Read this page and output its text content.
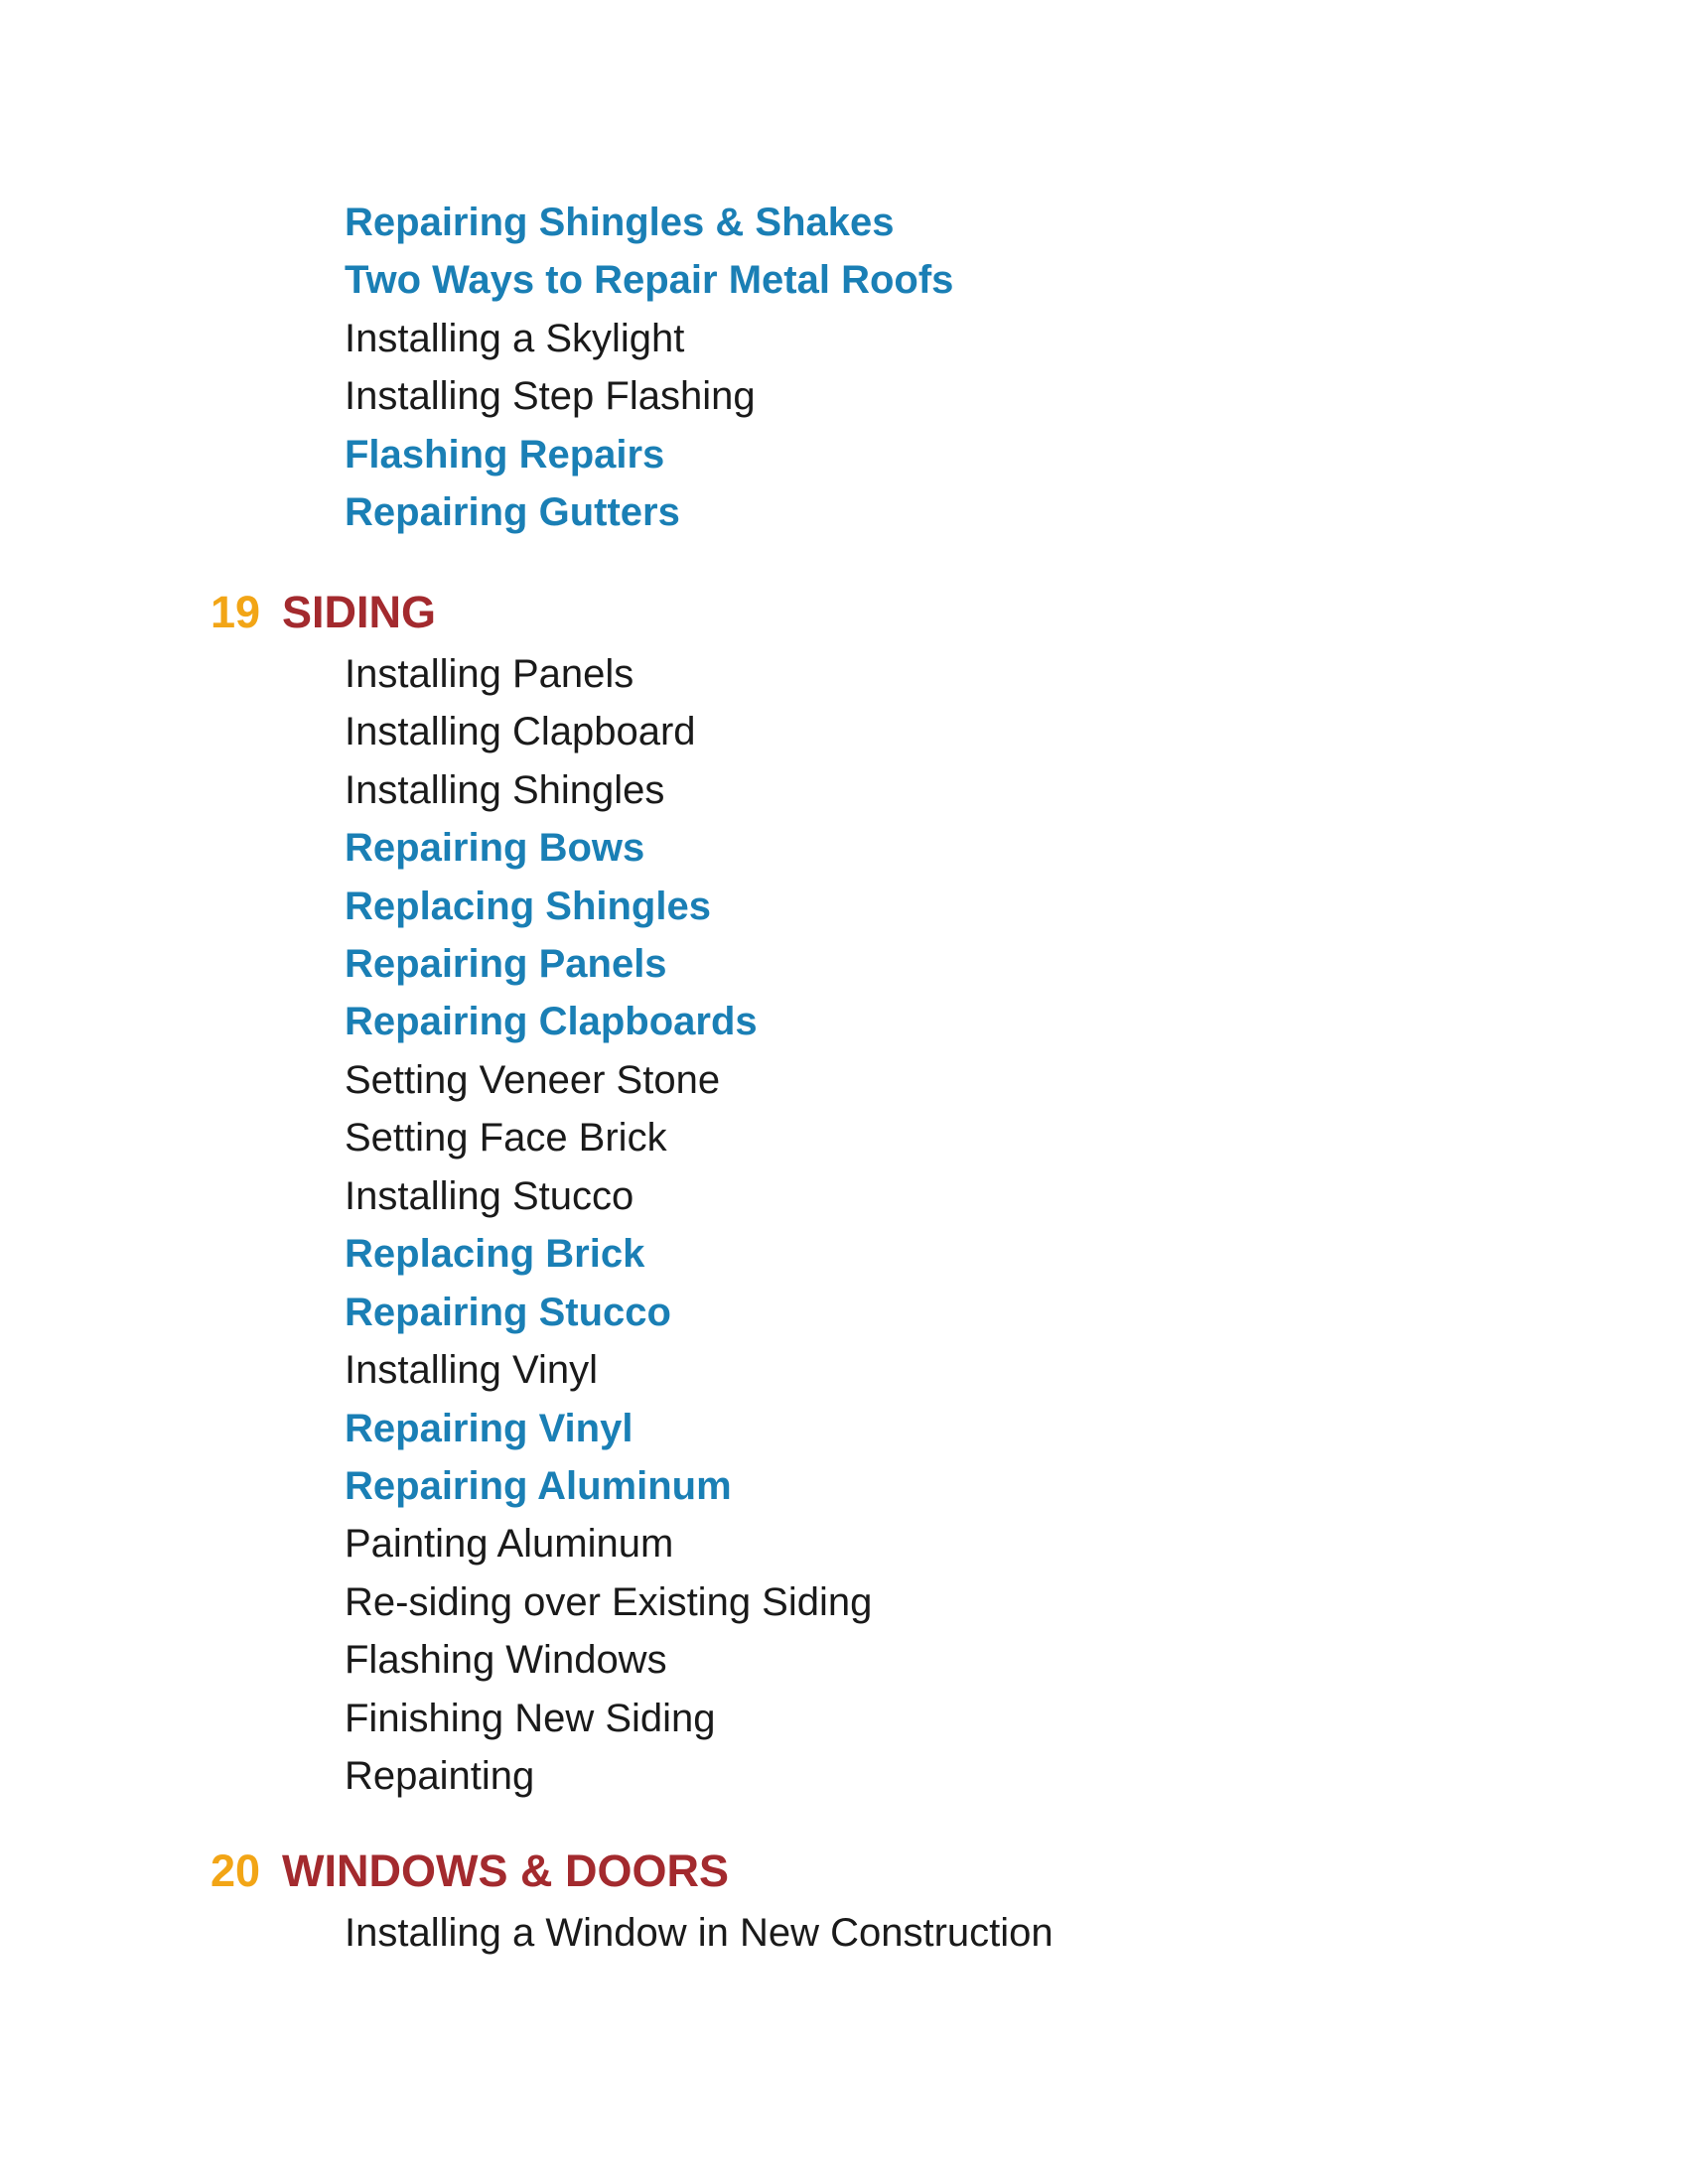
Repairing Shingles & Shakes
Two Ways to Repair Metal Roofs
Installing a Skylight
Installing Step Flashing
Flashing Repairs
Repairing Gutters
19 SIDING
Installing Panels
Installing Clapboard
Installing Shingles
Repairing Bows
Replacing Shingles
Repairing Panels
Repairing Clapboards
Setting Veneer Stone
Setting Face Brick
Installing Stucco
Replacing Brick
Repairing Stucco
Installing Vinyl
Repairing Vinyl
Repairing Aluminum
Painting Aluminum
Re-siding over Existing Siding
Flashing Windows
Finishing New Siding
Repainting
20 WINDOWS & DOORS
Installing a Window in New Construction
